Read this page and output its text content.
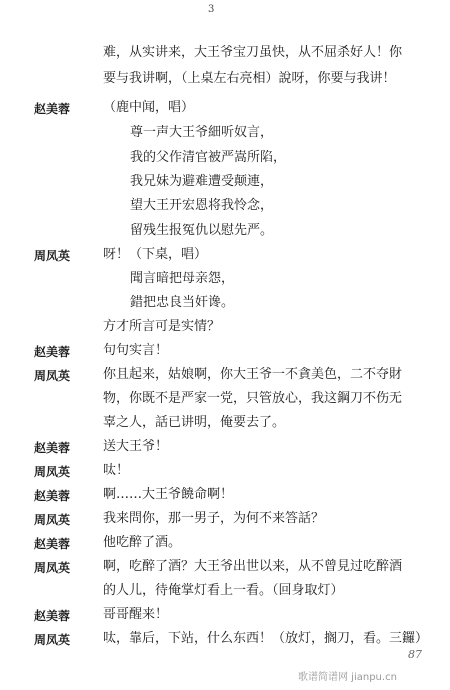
3
难，从实讲来，大王爷宝刀虽快，从不屈杀好人！你
要与我讲啊，（上桌左右亮相）說呀，你要与我讲！
赵美蓉	（鹿中闻，唱）
尊一声大王爷細听奴言，
我的父作清官被严嵩所陷，
我兄妹为避难遭受颠連，
望大王开宏恩将我怜念，
留残生报冤仇以慰先严。
周凤英	呀！（下桌，唱）
聞言暗把母亲怨，
錯把忠良当奸谗。
方才所言可是实情？
赵美蓉	句句实言！
周凤英	你且起来，姑娘啊，你大王爷一不貪美色，二不夺財
物，你既不是严家一党，只管放心，我这鋼刀不伤无
辜之人，話已讲明，俺要去了。
赵美蓉	送大王爷！
周凤英	呔！
赵美蓉	啊……大王爷饒命啊！
周凤英	我来問你，那一男子，为何不来答話？
赵美蓉	他吃醉了酒。
周凤英	啊，吃醉了酒？大王爷出世以来，从不曾見过吃醉酒
的人儿，待俺掌灯看上一看。（回身取灯）
赵美蓉	哥哥醒来！
周凤英	呔，靠后，下站，什么东西！（放灯，搁刀，看。三鑼）
87
歌谱简谱网 jianpu.cn
